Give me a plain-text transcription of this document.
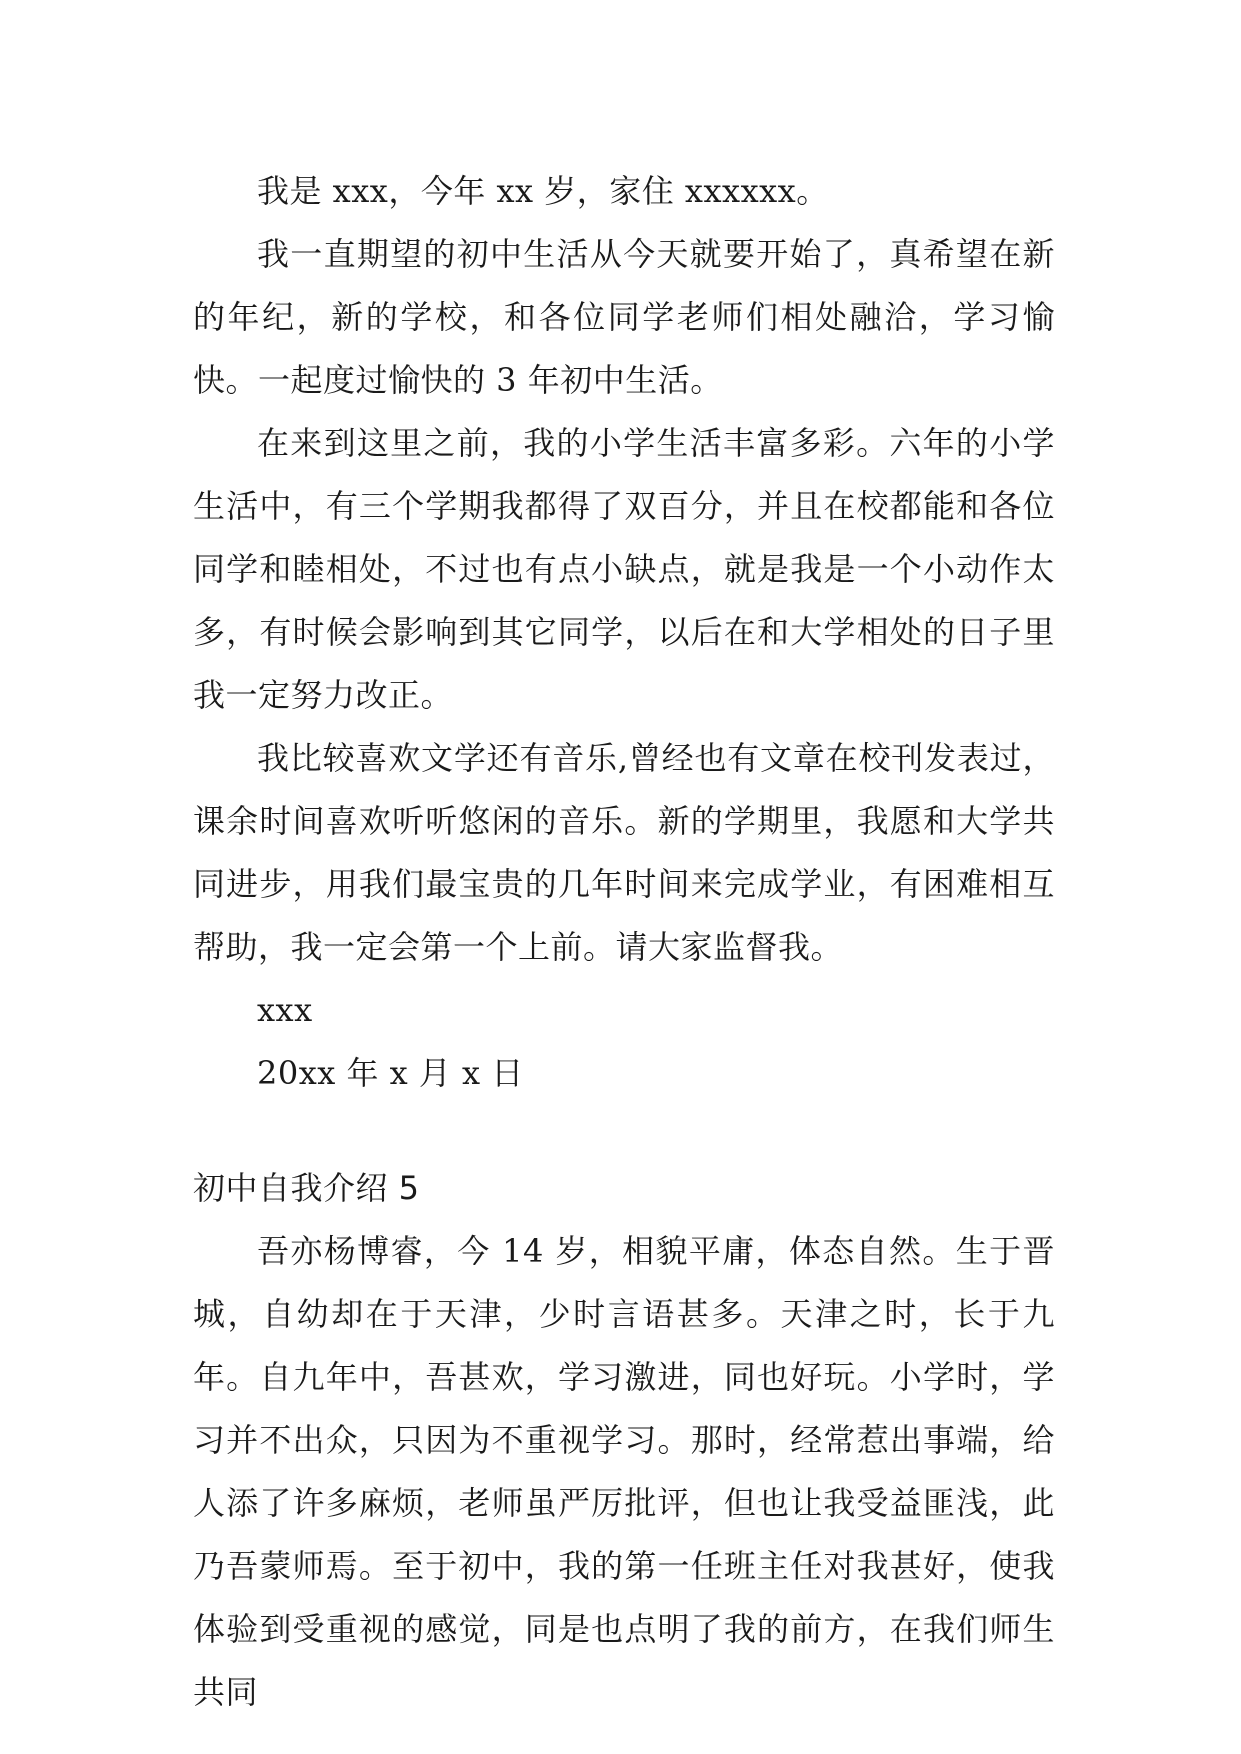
我是 xxx，今年 xx 岁，家住 xxxxxx。

我一直期望的初中生活从今天就要开始了，真希望在新的年纪，新的学校，和各位同学老师们相处融洽，学习愉快。一起度过愉快的 3 年初中生活。

在来到这里之前，我的小学生活丰富多彩。六年的小学生活中，有三个学期我都得了双百分，并且在校都能和各位同学和睦相处，不过也有点小缺点，就是我是一个小动作太多，有时候会影响到其它同学，以后在和大学相处的日子里我一定努力改正。

我比较喜欢文学还有音乐,曾经也有文章在校刊发表过，课余时间喜欢听听悠闲的音乐。新的学期里，我愿和大学共同进步，用我们最宝贵的几年时间来完成学业，有困难相互帮助，我一定会第一个上前。请大家监督我。

xxx

20xx 年 x 月 x 日

初中自我介绍 5

吾亦杨博睿，今 14 岁，相貌平庸，体态自然。生于晋城，自幼却在于天津，少时言语甚多。天津之时，长于九年。自九年中，吾甚欢，学习激进，同也好玩。小学时，学习并不出众，只因为不重视学习。那时，经常惹出事端，给人添了许多麻烦，老师虽严厉批评，但也让我受益匪浅，此乃吾蒙师焉。至于初中，我的第一任班主任对我甚好，使我体验到受重视的感觉，同是也点明了我的前方，在我们师生共同
